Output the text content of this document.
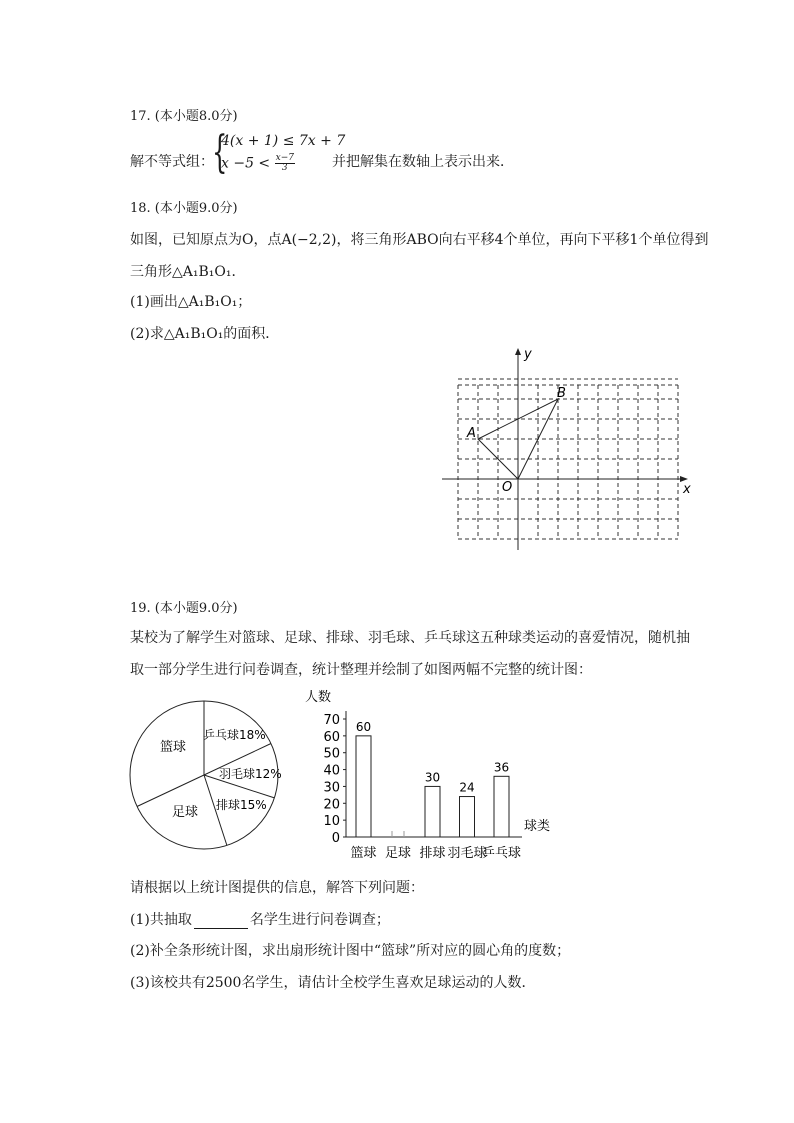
17. (本小题8.0分)
解不等式组：
{
4(x + 1) ≤ 7x + 7
$x -5 < \frac{x-7}{3}$	并把解集在数轴上表示出来．
18. (本小题9.0分)
如图，已知原点为O，点A(−2,2)，将三角形ABO向右平移4个单位，再向下平移1个单位得到
三角形△A₁B₁O₁．
(1)画出△A₁B₁O₁；
(2)求△A₁B₁O₁的面积．
x
y
O
A
B
19. (本小题9.0分)
某校为了解学生对篮球、足球、排球、羽毛球、乒乓球这五种球类运动的喜爱情况，随机抽
取一部分学生进行问卷调查，统计整理并绘制了如图两幅不完整的统计图：
篮球
足球
乒乓球18%
羽毛球12%
排球15%
人数
0
10
20
30
40
50
60
70 60
篮球 足球
30
排球
24
羽毛球
36
乒乓球
球类
请根据以上统计图提供的信息，解答下列问题：
(1)共抽取	名学生进行问卷调查；
(2)补全条形统计图，求出扇形统计图中“篮球”所对应的圆心角的度数；
(3)该校共有2500名学生，请估计全校学生喜欢足球运动的人数．
